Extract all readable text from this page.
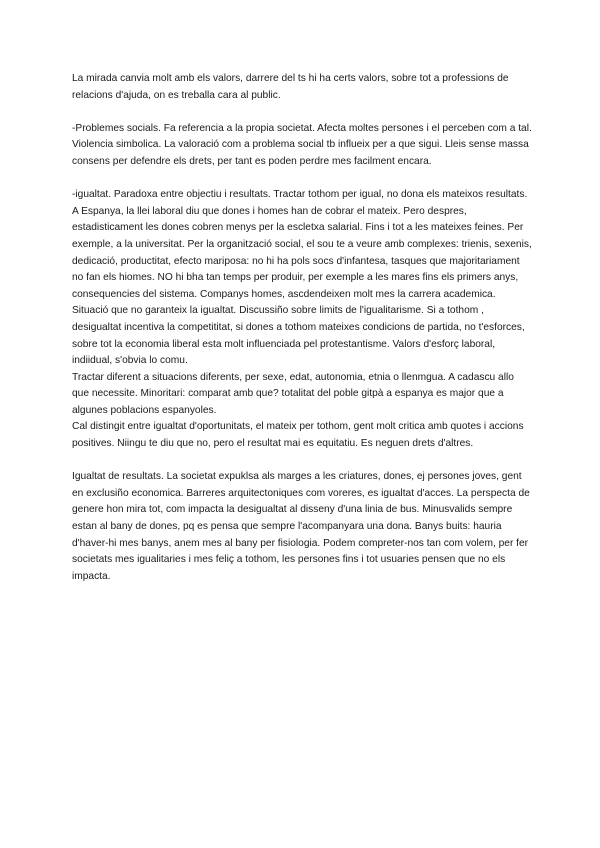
La mirada canvia molt amb els valors, darrere del ts hi ha certs valors, sobre tot a professions de relacions d'ajuda, on es treballa cara al public.

-Problemes socials. Fa referencia a la propia societat. Afecta moltes persones i el perceben com a tal. Violencia simbolica. La valoració com a problema social tb influeix per a que sigui. Lleis sense massa consens per defendre els drets, per tant es poden perdre mes facilment encara.

-igualtat. Paradoxa entre objectiu i resultats. Tractar tothom per igual, no dona els mateixos resultats. A Espanya, la llei laboral diu que dones i homes han de cobrar el mateix. Pero despres, estadisticament les dones cobren menys per la escletxa salarial. Fins i tot a les mateixes feines. Per exemple, a la universitat. Per la organització social, el sou te a veure amb complexes: trienis, sexenis, dedicació, productitat, efecto mariposa: no hi ha pols socs d'infantesa, tasques que majoritariament no fan els hiomes. NO hi bha tan temps per produir, per exemple a les mares fins els primers anys, consequencies del sistema. Companys homes, ascdendeixen molt mes la carrera academica. Situació que no garanteix la igualtat. Discussiño sobre limits de l'igualitarisme. Si a tothom , desigualtat incentiva la competititat, si dones a tothom mateixes condicions de partida, no t'esforces, sobre tot la economia liberal esta molt influenciada pel protestantisme. Valors d'esforç laboral, indiidual, s'obvia lo comu.

Tractar diferent a situacions diferents, per sexe, edat, autonomia, etnia o llenmgua. A cadascu allo que necessite. Minoritari: comparat amb que? totalitat del poble gitpà a espanya es major que a algunes poblacions espanyoles.

Cal distingit entre igualtat d'oportunitats, el mateix per tothom, gent molt critica amb quotes i accions positives. Niingu te diu que no, pero el resultat mai es equitatiu. Es neguen drets d'altres.

Igualtat de resultats. La societat expuklsa als marges a les criatures, dones, ej persones joves, gent en exclusiño economica. Barreres arquitectoniques com voreres, es igualtat d'acces. La perspecta de genere hon mira tot, com impacta la desigualtat al disseny d'una linia de bus. Minusvalids sempre estan al bany de dones, pq es pensa que sempre l'acompanyara una dona. Banys buits: hauria d'haver-hi mes banys, anem mes al bany per fisiologia. Podem compreter-nos tan com volem, per fer societats mes igualitaries i mes feliç a tothom, les persones fins i tot usuaries pensen que no els impacta.
